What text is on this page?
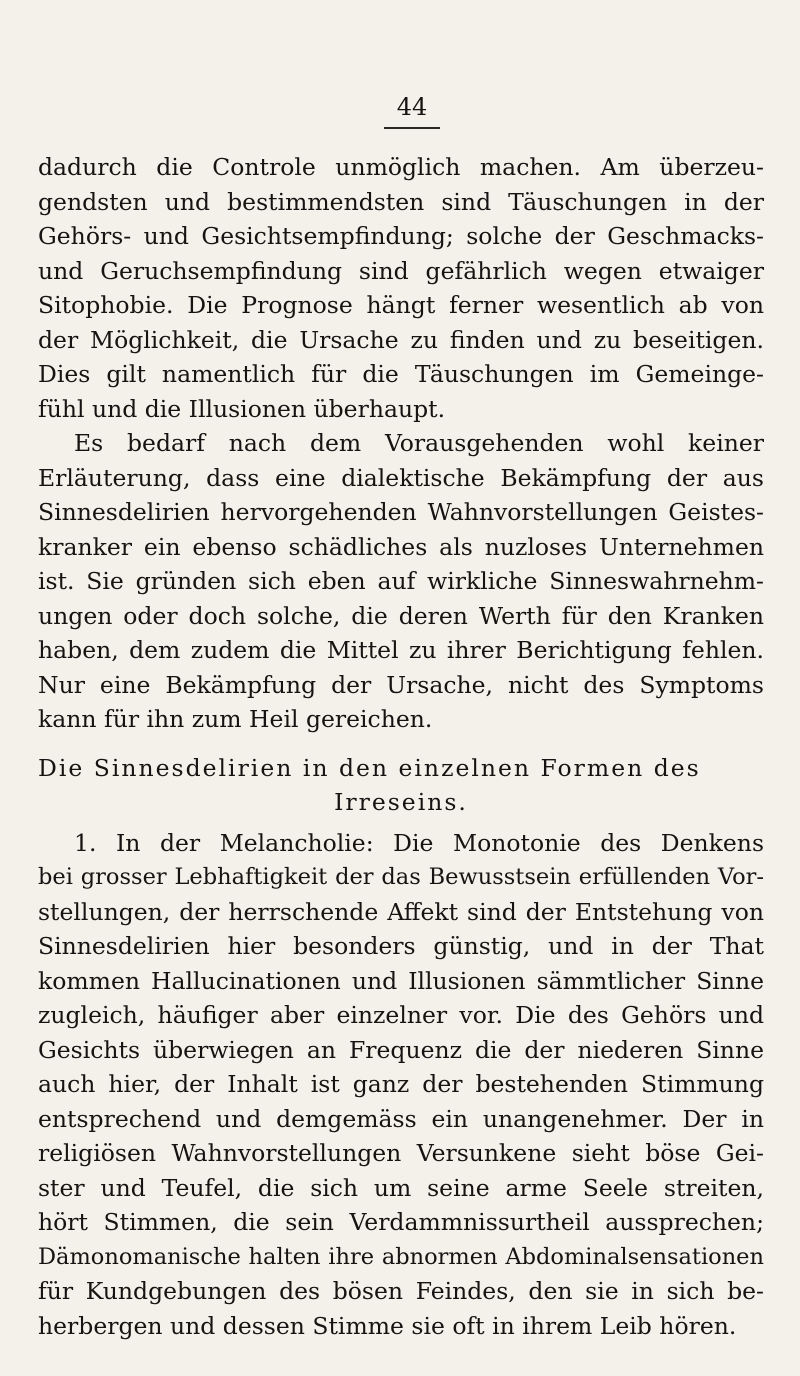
44
dadurch die Controle unmöglich machen. Am überzeu-
gendsten und bestimmendsten sind Täuschungen in der
Gehörs- und Gesichtsempfindung; solche der Geschmacks-
und Geruchsempfindung sind gefährlich wegen etwaiger
Sitophobie. Die Prognose hängt ferner wesentlich ab von
der Möglichkeit, die Ursache zu finden und zu beseitigen.
Dies gilt namentlich für die Täuschungen im Gemeinge-
fühl und die Illusionen überhaupt.
Es bedarf nach dem Vorausgehenden wohl keiner
Erläuterung, dass eine dialektische Bekämpfung der aus
Sinnesdelirien hervorgehenden Wahnvorstellungen Geistes-
kranker ein ebenso schädliches als nuzloses Unternehmen
ist. Sie gründen sich eben auf wirkliche Sinneswahrnehm-
ungen oder doch solche, die deren Werth für den Kranken
haben, dem zudem die Mittel zu ihrer Berichtigung fehlen.
Nur eine Bekämpfung der Ursache, nicht des Symptoms
kann für ihn zum Heil gereichen.
Die Sinnesdelirien in den einzelnen Formen des
Irreseins.
1. In der Melancholie: Die Monotonie des Denkens
bei grosser Lebhaftigkeit der das Bewusstsein erfüllenden Vor-
stellungen, der herrschende Affekt sind der Entstehung von
Sinnesdelirien hier besonders günstig, und in der That
kommen Hallucinationen und Illusionen sämmtlicher Sinne
zugleich, häufiger aber einzelner vor. Die des Gehörs und
Gesichts überwiegen an Frequenz die der niederen Sinne
auch hier, der Inhalt ist ganz der bestehenden Stimmung
entsprechend und demgemäss ein unangenehmer. Der in
religiösen Wahnvorstellungen Versunkene sieht böse Gei-
ster und Teufel, die sich um seine arme Seele streiten,
hört Stimmen, die sein Verdammnissurtheil aussprechen;
Dämonomanische halten ihre abnormen Abdominalsensationen
für Kundgebungen des bösen Feindes, den sie in sich be-
herbergen und dessen Stimme sie oft in ihrem Leib hören.
